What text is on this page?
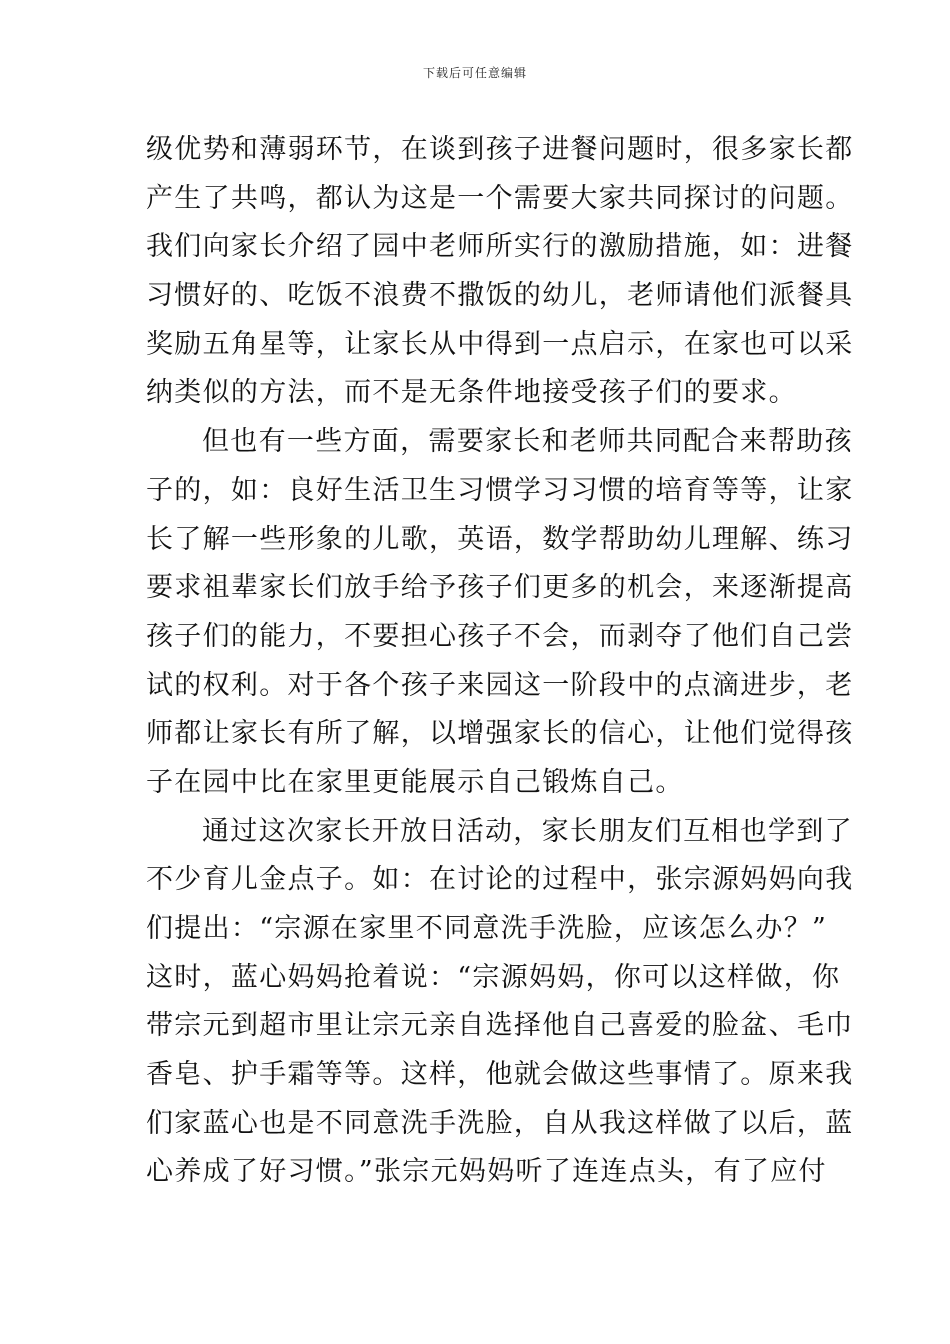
下载后可任意编辑
级优势和薄弱环节，在谈到孩子进餐问题时，很多家长都
产生了共鸣，都认为这是一个需要大家共同探讨的问题。
我们向家长介绍了园中老师所实行的激励措施，如：进餐
习惯好的、吃饭不浪费不撒饭的幼儿，老师请他们派餐具
奖励五角星等，让家长从中得到一点启示，在家也可以采
纳类似的方法，而不是无条件地接受孩子们的要求。
但也有一些方面，需要家长和老师共同配合来帮助孩
子的，如：良好生活卫生习惯学习习惯的培育等等，让家
长了解一些形象的儿歌，英语，数学帮助幼儿理解、练习
要求祖辈家长们放手给予孩子们更多的机会，来逐渐提高
孩子们的能力，不要担心孩子不会，而剥夺了他们自己尝
试的权利。对于各个孩子来园这一阶段中的点滴进步，老
师都让家长有所了解，以增强家长的信心，让他们觉得孩
子在园中比在家里更能展示自己锻炼自己。
通过这次家长开放日活动，家长朋友们互相也学到了
不少育儿金点子。如：在讨论的过程中，张宗源妈妈向我
们提出：“宗源在家里不同意洗手洗脸，应该怎么办？”
这时，蓝心妈妈抢着说：“宗源妈妈，你可以这样做，你
带宗元到超市里让宗元亲自选择他自己喜爱的脸盆、毛巾
香皂、护手霜等等。这样，他就会做这些事情了。原来我
们家蓝心也是不同意洗手洗脸，自从我这样做了以后，蓝
心养成了好习惯。”张宗元妈妈听了连连点头，有了应付
